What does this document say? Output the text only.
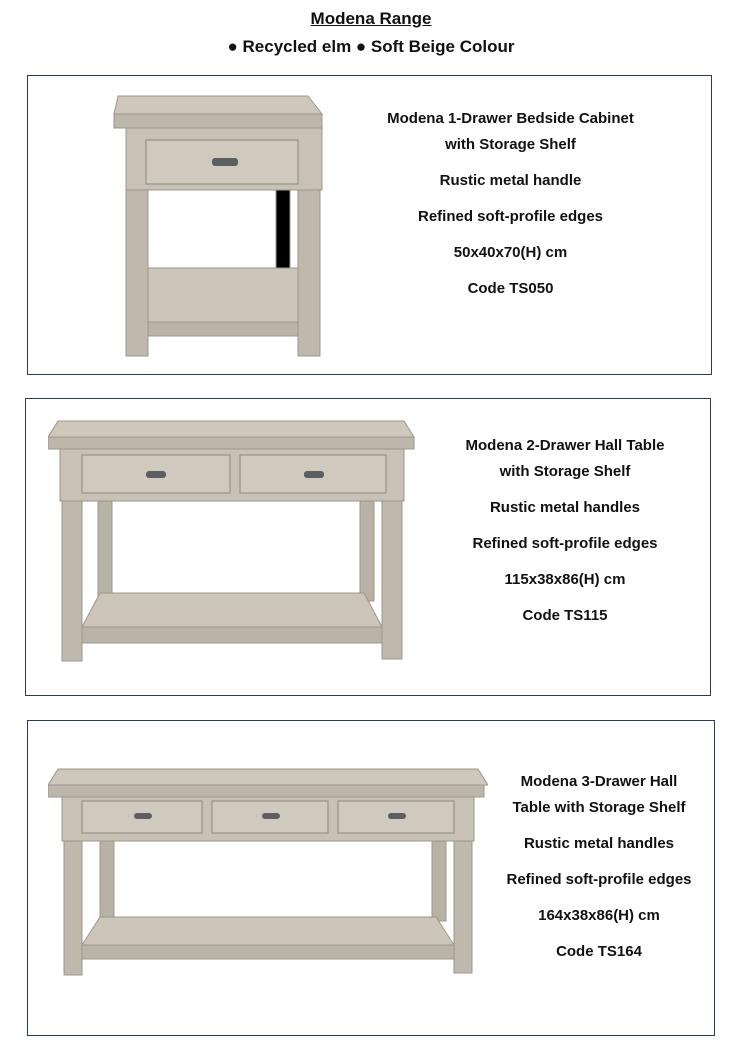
Modena Range
● Recycled elm ● Soft Beige Colour
Modena 1-Drawer Bedside Cabinet
with Storage Shelf
Rustic metal handle
Refined soft-profile edges
50x40x70(H) cm
Code TS050
Modena 2-Drawer Hall Table
with Storage Shelf
Rustic metal handles
Refined soft-profile edges
115x38x86(H) cm
Code TS115
Modena 3-Drawer Hall
Table with Storage Shelf
Rustic metal handles
Refined soft-profile edges
164x38x86(H) cm
Code TS164
